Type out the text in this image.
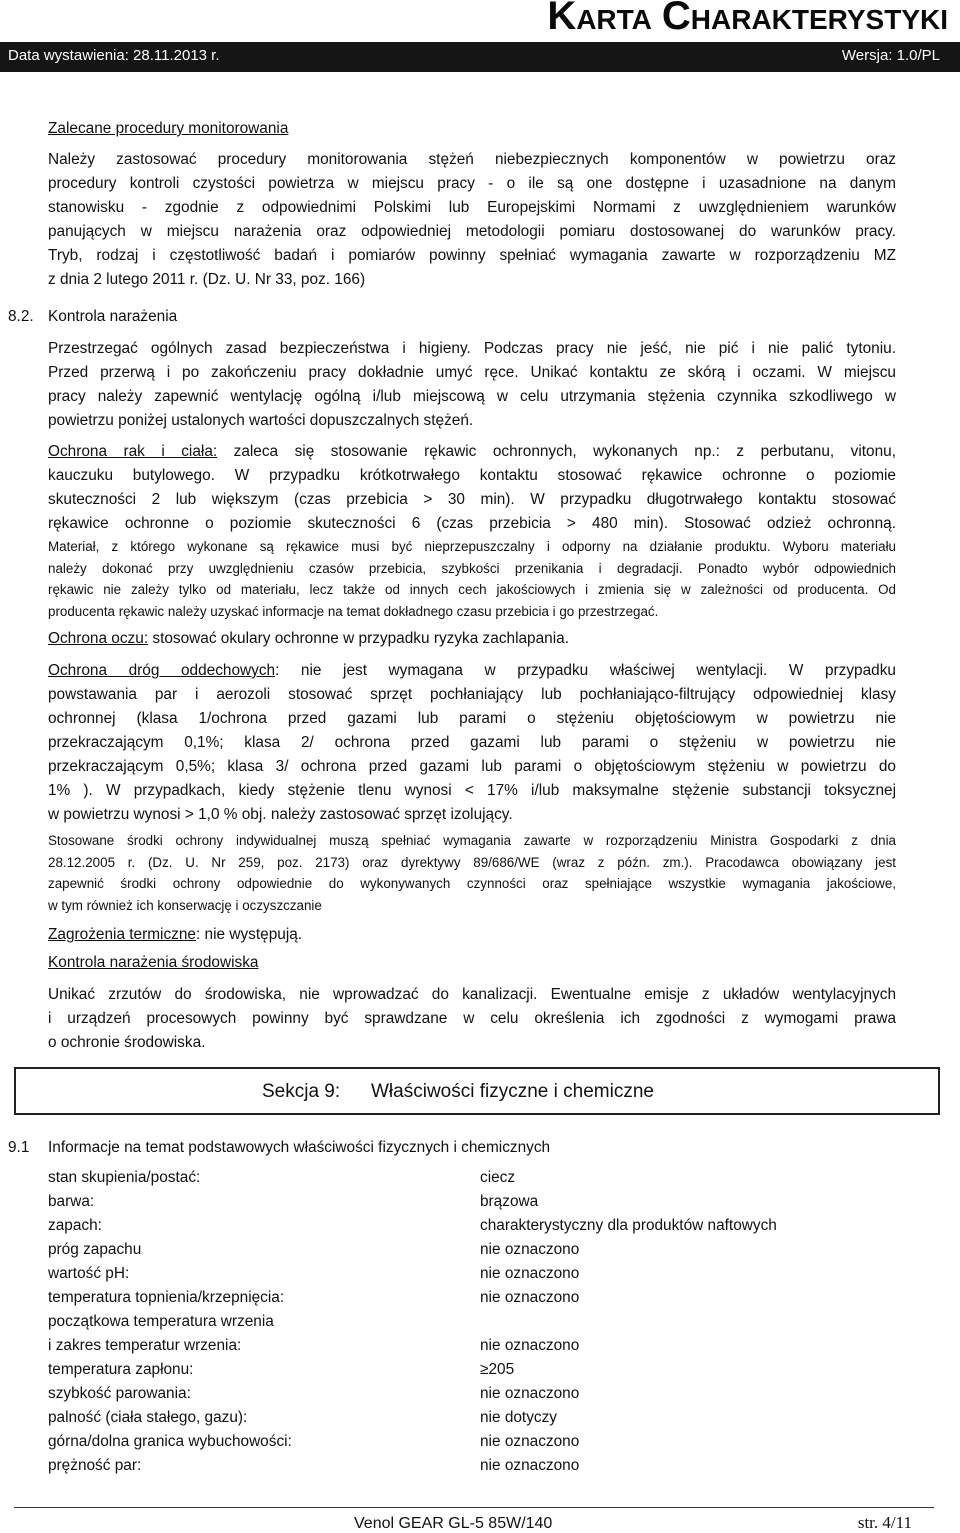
KARTA CHARAKTERYSTYKI
Data wystawienia: 28.11.2013 r.	Wersja: 1.0/PL
Zalecane procedury monitorowania
Należy zastosować procedury monitorowania stężeń niebezpiecznych komponentów w powietrzu oraz
procedury kontroli czystości powietrza w miejscu pracy - o ile są one dostępne i uzasadnione na danym
stanowisku - zgodnie z odpowiednimi Polskimi lub Europejskimi Normami z uwzględnieniem warunków
panujących w miejscu narażenia oraz odpowiedniej metodologii pomiaru dostosowanej do warunków pracy.
Tryb, rodzaj i częstotliwość badań i pomiarów powinny spełniać wymagania zawarte w rozporządzeniu MZ
z dnia 2 lutego 2011 r. (Dz. U. Nr 33, poz. 166)
8.2. Kontrola narażenia
Przestrzegać ogólnych zasad bezpieczeństwa i higieny. Podczas pracy nie jeść, nie pić i nie palić tytoniu.
Przed przerwą i po zakończeniu pracy dokładnie umyć ręce. Unikać kontaktu ze skórą i oczami. W miejscu
pracy należy zapewnić wentylację ogólną i/lub miejscową w celu utrzymania stężenia czynnika szkodliwego w
powietrzu poniżej ustalonych wartości dopuszczalnych stężeń.
Ochrona rak i ciała: zaleca się stosowanie rękawic ochronnych, wykonanych np.: z perbutanu, vitonu,
kauczuku butylowego. W przypadku krótkotrwałego kontaktu stosować rękawice ochronne o poziomie
skuteczności 2 lub większym (czas przebicia > 30 min). W przypadku długotrwałego kontaktu stosować
rękawice ochronne o poziomie skuteczności 6 (czas przebicia > 480 min). Stosować odzież ochronną.
Materiał, z którego wykonane są rękawice musi być nieprzepuszczalny i odporny na działanie produktu. Wyboru materiału
należy dokonać przy uwzględnieniu czasów przebicia, szybkości przenikania i degradacji. Ponadto wybór odpowiednich
rękawic nie zależy tylko od materiału, lecz także od innych cech jakościowych i zmienia się w zależności od producenta. Od
producenta rękawic należy uzyskać informacje na temat dokładnego czasu przebicia i go przestrzegać.
Ochrona oczu: stosować okulary ochronne w przypadku ryzyka zachlapania.
Ochrona dróg oddechowych: nie jest wymagana w przypadku właściwej wentylacji. W przypadku
powstawania par i aerozoli stosować sprzęt pochłaniający lub pochłaniająco-filtrujący odpowiedniej klasy
ochronnej (klasa 1/ochrona przed gazami lub parami o stężeniu objętościowym w powietrzu nie
przekraczającym 0,1%; klasa 2/ ochrona przed gazami lub parami o stężeniu w powietrzu nie
przekraczającym 0,5%; klasa 3/ ochrona przed gazami lub parami o objętościowym stężeniu w powietrzu do
1% ). W przypadkach, kiedy stężenie tlenu wynosi < 17% i/lub maksymalne stężenie substancji toksycznej
w powietrzu wynosi > 1,0 % obj. należy zastosować sprzęt izolujący.
Stosowane środki ochrony indywidualnej muszą spełniać wymagania zawarte w rozporządzeniu Ministra Gospodarki z dnia
28.12.2005 r. (Dz. U. Nr 259, poz. 2173) oraz dyrektywy 89/686/WE (wraz z późn. zm.). Pracodawca obowiązany jest
zapewnić środki ochrony odpowiednie do wykonywanych czynności oraz spełniające wszystkie wymagania jakościowe,
w tym również ich konserwację i oczyszczanie
Zagrożenia termiczne: nie występują.
Kontrola narażenia środowiska
Unikać zrzutów do środowiska, nie wprowadzać do kanalizacji. Ewentualne emisje z układów wentylacyjnych
i urządzeń procesowych powinny być sprawdzane w celu określenia ich zgodności z wymogami prawa
o ochronie środowiska.
Sekcja 9: Właściwości fizyczne i chemiczne
9.1 Informacje na temat podstawowych właściwości fizycznych i chemicznych
stan skupienia/postać:	ciecz
barwa:	brązowa
zapach:	charakterystyczny dla produktów naftowych
próg zapachu	nie oznaczono
wartość pH:	nie oznaczono
temperatura topnienia/krzepnięcia:	nie oznaczono
początkowa temperatura wrzenia
i zakres temperatur wrzenia:	nie oznaczono
temperatura zapłonu:	≥205
szybkość parowania:	nie oznaczono
palność (ciała stałego, gazu):	nie dotyczy
górna/dolna granica wybuchowości:	nie oznaczono
prężność par:	nie oznaczono
Venol GEAR GL-5 85W/140	str. 4/11
